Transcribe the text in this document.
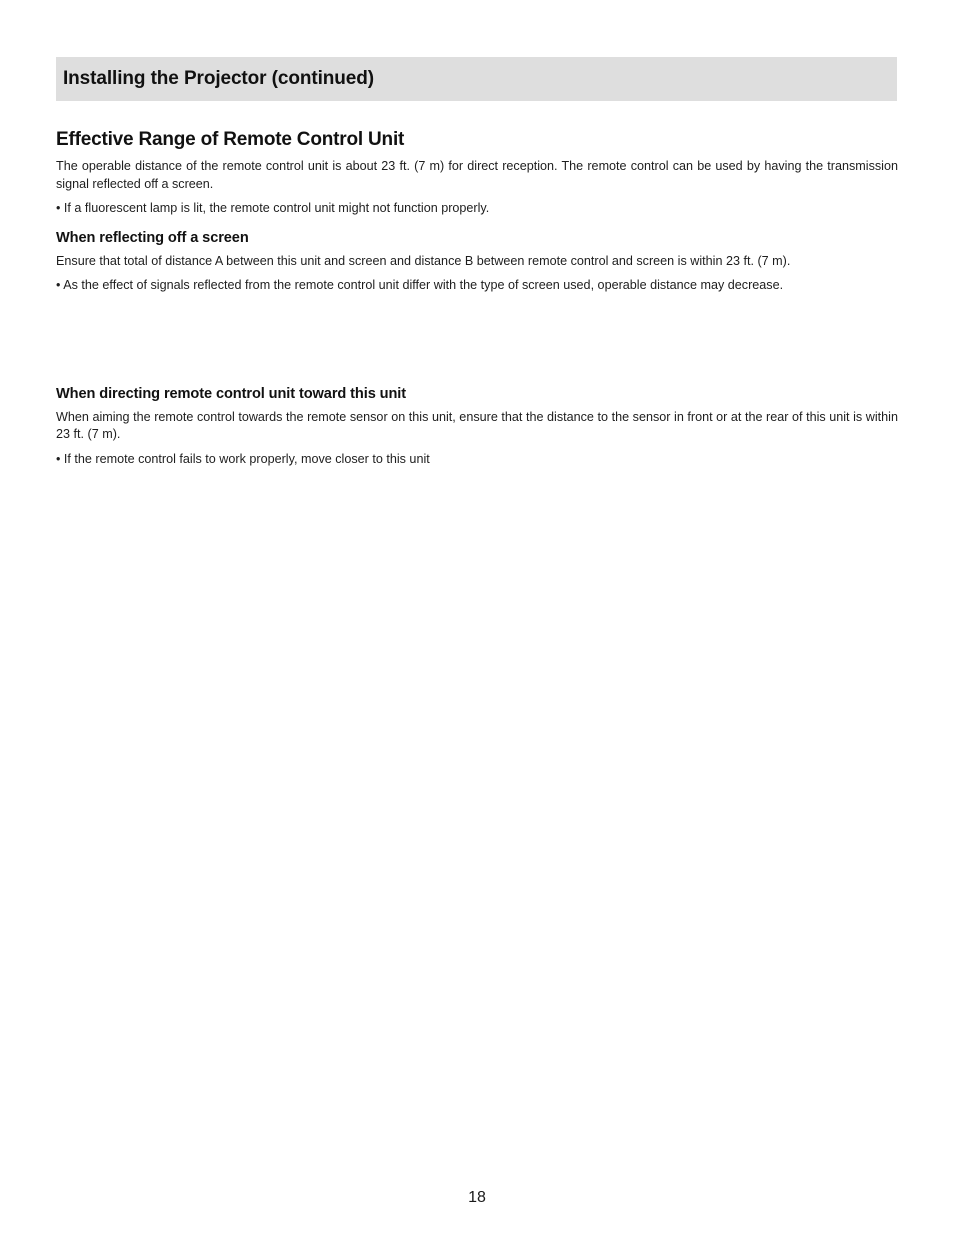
Installing the Projector (continued)
Effective Range of Remote Control Unit

The operable distance of the remote control unit is about 23 ft. (7 m) for direct reception. The remote control can be used by having the transmission signal reflected off a screen.

• If a fluorescent lamp is lit, the remote control unit might not function properly.

When reflecting off a screen

Ensure that total of distance A between this unit and screen and distance B between remote control and screen is within 23 ft. (7 m).

• As the effect of signals reflected from the remote control unit differ with the type of screen used, operable distance may decrease.

When directing remote control unit toward this unit

When aiming the remote control towards the remote sensor on this unit, ensure that the distance to the sensor in front or at the rear of this unit is within 23 ft. (7 m).

• If the remote control fails to work properly, move closer to this unit

18
